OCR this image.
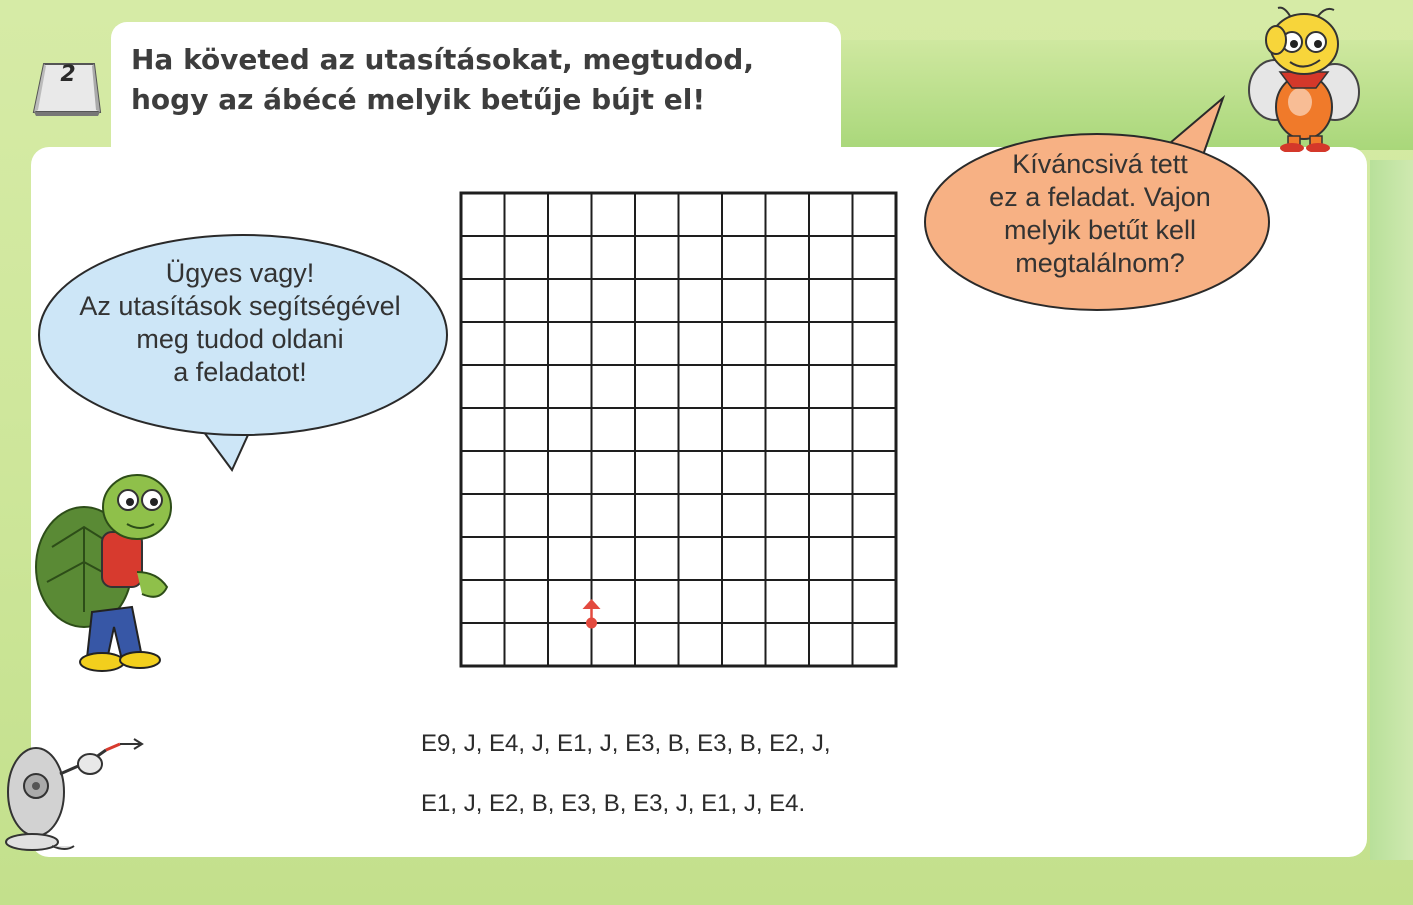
2	Ha követed az utasításokat, megtudod,
hogy az ábécé melyik betűje bújt el!
Ügyes vagy!
Az utasítások segítségével
meg tudod oldani
a feladatot!
Kíváncsivá tett
ez a feladat. Vajon
melyik betűt kell
megtalálnom?
E9, J, E4, J, E1, J, E3, B, E3, B, E2, J,
E1, J, E2, B, E3, B, E3, J, E1, J, E4.
